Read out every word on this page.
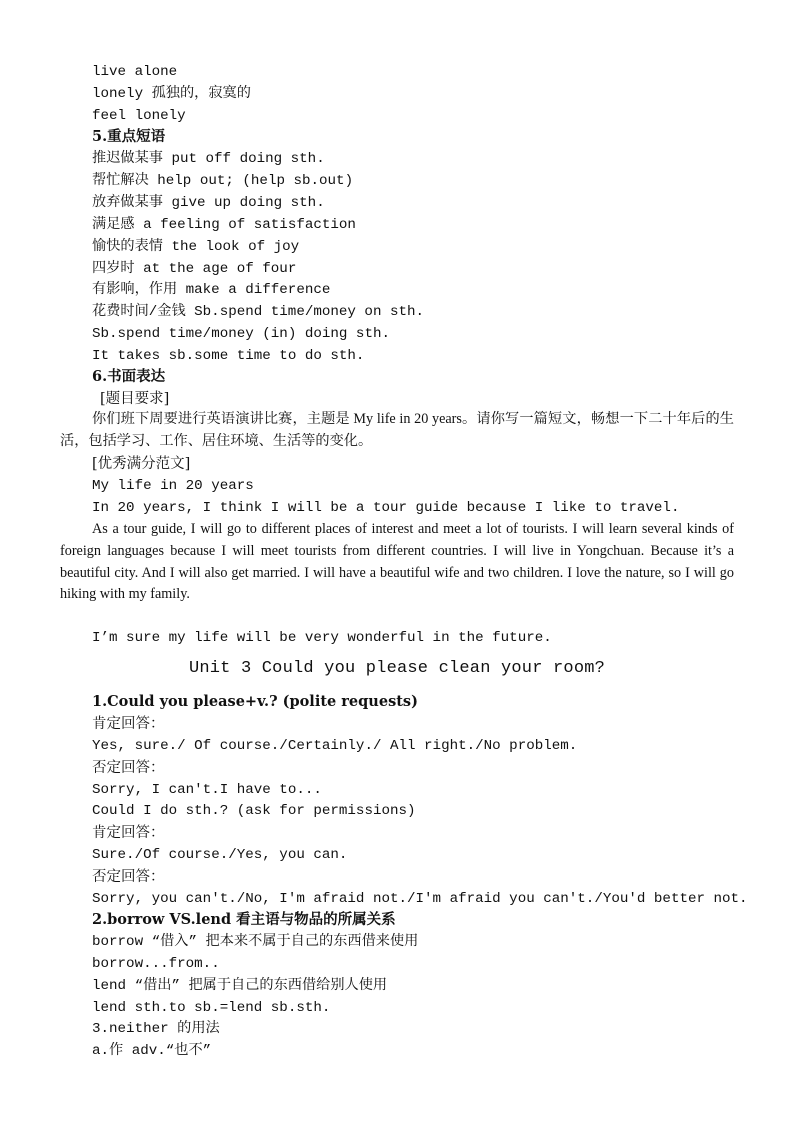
live alone
lonely 孤独的，寂寞的
feel lonely
5.重点短语
推迟做某事 put off doing sth.
帮忙解决 help out; (help sb.out)
放弃做某事 give up doing sth.
满足感 a feeling of satisfaction
愉快的表情 the look of joy
四岁时 at the age of four
有影响，作用 make a difference
花费时间/金钱 Sb.spend time/money on sth.
Sb.spend time/money (in) doing sth.
It takes sb.some time to do sth.
6.书面表达
[题目要求]
你们班下周要进行英语演讲比赛，主题是 My life in 20 years。请你写一篇短文，畅想一下二十年后的生活，包括学习、工作、居住环境、生活等的变化。
[优秀满分范文]
My life in 20 years
In 20 years, I think I will be a tour guide because I like to travel.
As a tour guide, I will go to different places of interest and meet a lot of tourists. I will learn several kinds of foreign languages because I will meet tourists from different countries. I will live in Yongchuan. Because it’s a beautiful city. And I will also get married. I will have a beautiful wife and two children. I love the nature, so I will go hiking with my family.
I’m sure my life will be very wonderful in the future.
Unit 3 Could you please clean your room?
1.Could you please+v.? (polite requests)
肯定回答：
Yes, sure./ Of course./Certainly./ All right./No problem.
否定回答：
Sorry, I can't.I have to...
Could I do sth.? (ask for permissions)
肯定回答：
Sure./Of course./Yes, you can.
否定回答：
Sorry, you can't./No, I'm afraid not./I'm afraid you can't./You'd better not.
2.borrow VS.lend 看主语与物品的所属关系
borrow “借入” 把本来不属于自己的东西借来使用
borrow...from..
lend “借出” 把属于自己的东西借给别人使用
lend sth.to sb.=lend sb.sth.
3.neither 的用法
a.作 adv.“也不”
